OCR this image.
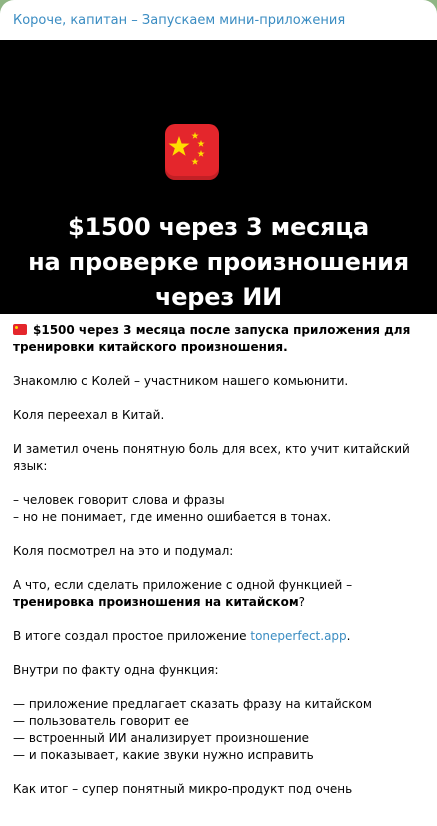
Короче, капитан – Запускаем мини-приложения
$1500 через 3 месяца
на проверке произношения
через ИИ
$1500 через 3 месяца после запуска приложения для тренировки китайского произношения.
Знакомлю с Колей – участником нашего комьюнити.
Коля переехал в Китай.
И заметил очень понятную боль для всех, кто учит китайский язык:
– человек говорит слова и фразы
– но не понимает, где именно ошибается в тонах.
Коля посмотрел на это и подумал:
А что, если сделать приложение с одной функцией – тренировка произношения на китайском?
В итоге создал простое приложение toneperfect.app.
Внутри по факту одна функция:
— приложение предлагает сказать фразу на китайском
— пользователь говорит ее
— встроенный ИИ анализирует произношение
— и показывает, какие звуки нужно исправить
Как итог – супер понятный микро-продукт под очень
